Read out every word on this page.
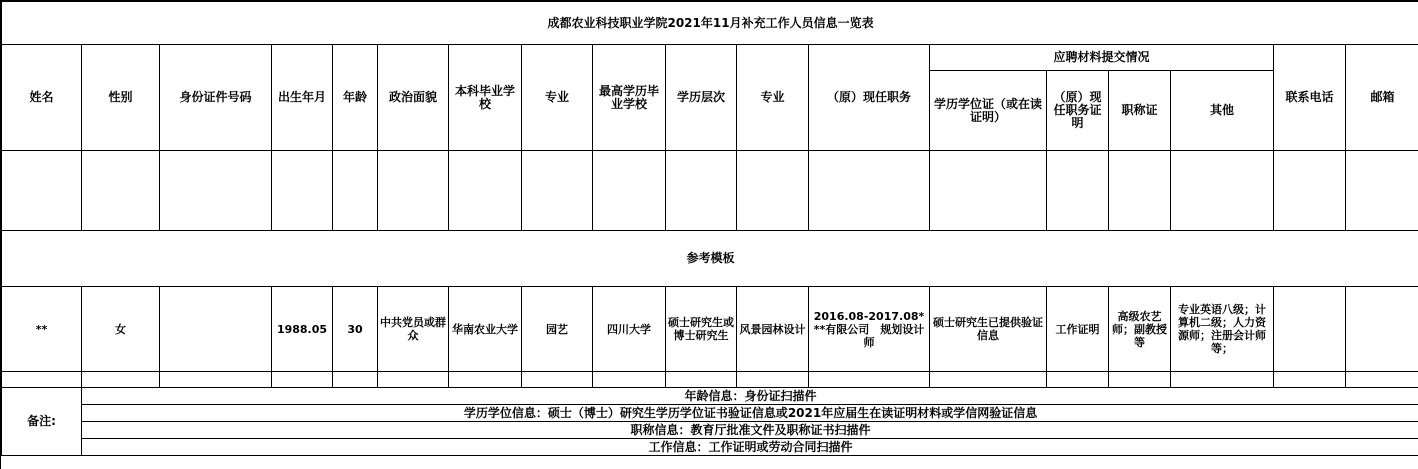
成都农业科技职业学院2021年11月补充工作人员信息一览表																	
姓名	性别	身份证件号码	出生年月	年龄	政治面貌	本科毕业学校	专业	最高学历毕业学校	学历层次	专业	（原）现任职务	应聘材料提交情况				联系电话	邮箱
												学历学位证（或在读证明）	（原）现任职务证明	职称证	其他		

参考模板																	
**	女		1988.05	30	中共党员或群众	华南农业大学	园艺	四川大学	硕士研究生或博士研究生	风景园林设计	2016.08-2017.08***有限公司　规划设计师	硕士研究生已提供验证信息	工作证明	高级农艺师；副教授等	专业英语八级；计算机二级；人力资源师；注册会计师等；		

备注:	年龄信息：身份证扫描件																
	学历学位信息：硕士（博士）研究生学历学位证书验证信息或2021年应届生在读证明材料或学信网验证信息																
	职称信息：教育厅批准文件及职称证书扫描件																
	工作信息：工作证明或劳动合同扫描件																
